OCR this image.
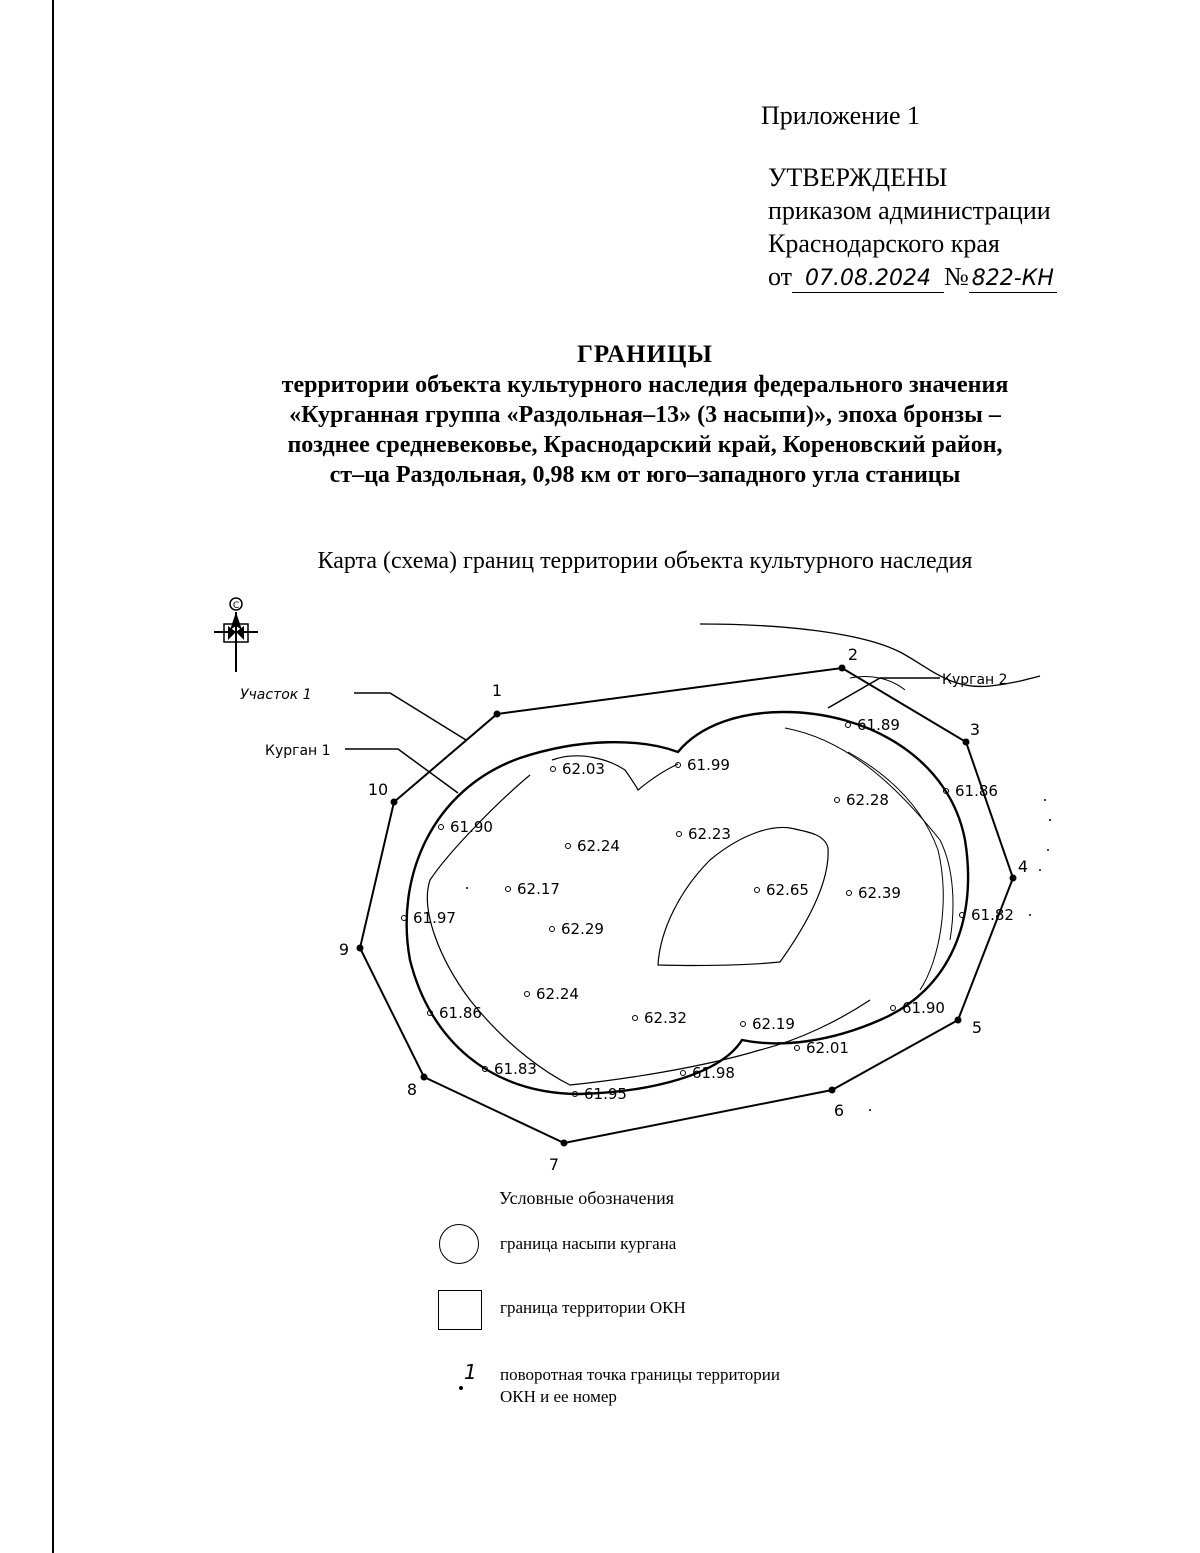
Приложение 1
УТВЕРЖДЕНЫ
приказом администрации
Краснодарского края
от 07.08.2024 № 822-КН
ГРАНИЦЫ
территории объекта культурного наследия федерального значения
«Курганная группа «Раздольная–13» (3 насыпи)», эпоха бронзы –
позднее средневековье, Краснодарский край, Кореновский район,
ст–ца Раздольная, 0,98 км от юго–западного угла станицы
Карта (схема) границ территории объекта культурного наследия
С
Участок 1
Курган 1
Курган 2
1
2
3
4
5
6
7
8
9
10
62.03	61.99
61.89
62.28	61.86
61.90
62.24
62.23
62.17	62.65	62.39
61.82
61.97
62.29
62.24
62.32	62.19
61.90
62.01
61.86
61.83	61.98
61.95
Условные обозначения
граница насыпи кургана
граница территории ОКН
1 поворотная точка границы территории
ОКН и ее номер
